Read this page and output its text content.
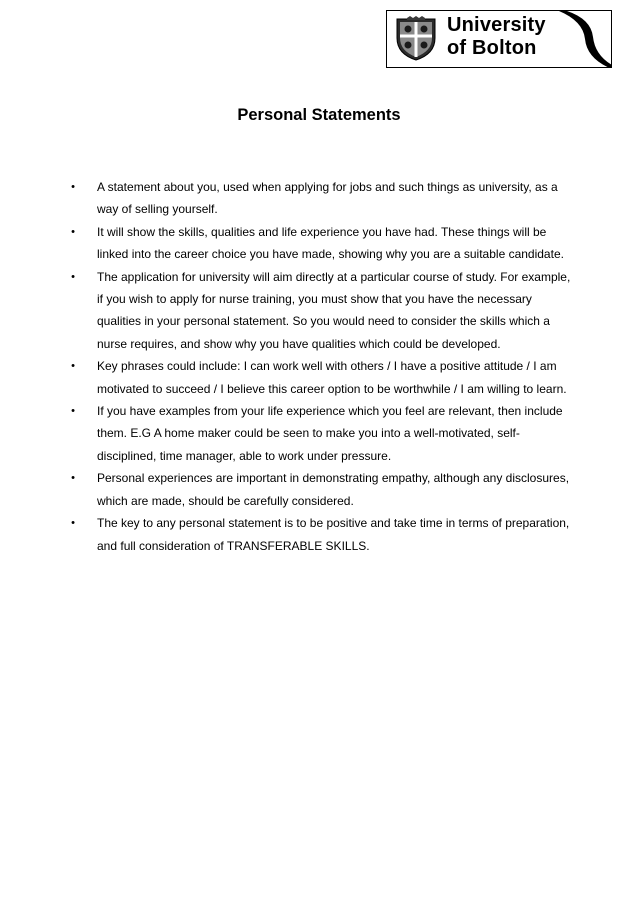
University
of Bolton
Personal Statements
• A statement about you, used when applying for jobs and such things as university, as a way of selling yourself.
• It will show the skills, qualities and life experience you have had. These things will be linked into the career choice you have made, showing why you are a suitable candidate.
• The application for university will aim directly at a particular course of study. For example, if you wish to apply for nurse training, you must show that you have the necessary qualities in your personal statement. So you would need to consider the skills which a nurse requires, and show why you have qualities which could be developed.
• Key phrases could include: I can work well with others / I have a positive attitude / I am motivated to succeed / I believe this career option to be worthwhile / I am willing to learn.
• If you have examples from your life experience which you feel are relevant, then include them. E.G A home maker could be seen to make you into a well-motivated, self-disciplined, time manager, able to work under pressure.
• Personal experiences are important in demonstrating empathy, although any disclosures, which are made, should be carefully considered.
• The key to any personal statement is to be positive and take time in terms of preparation, and full consideration of TRANSFERABLE SKILLS.
